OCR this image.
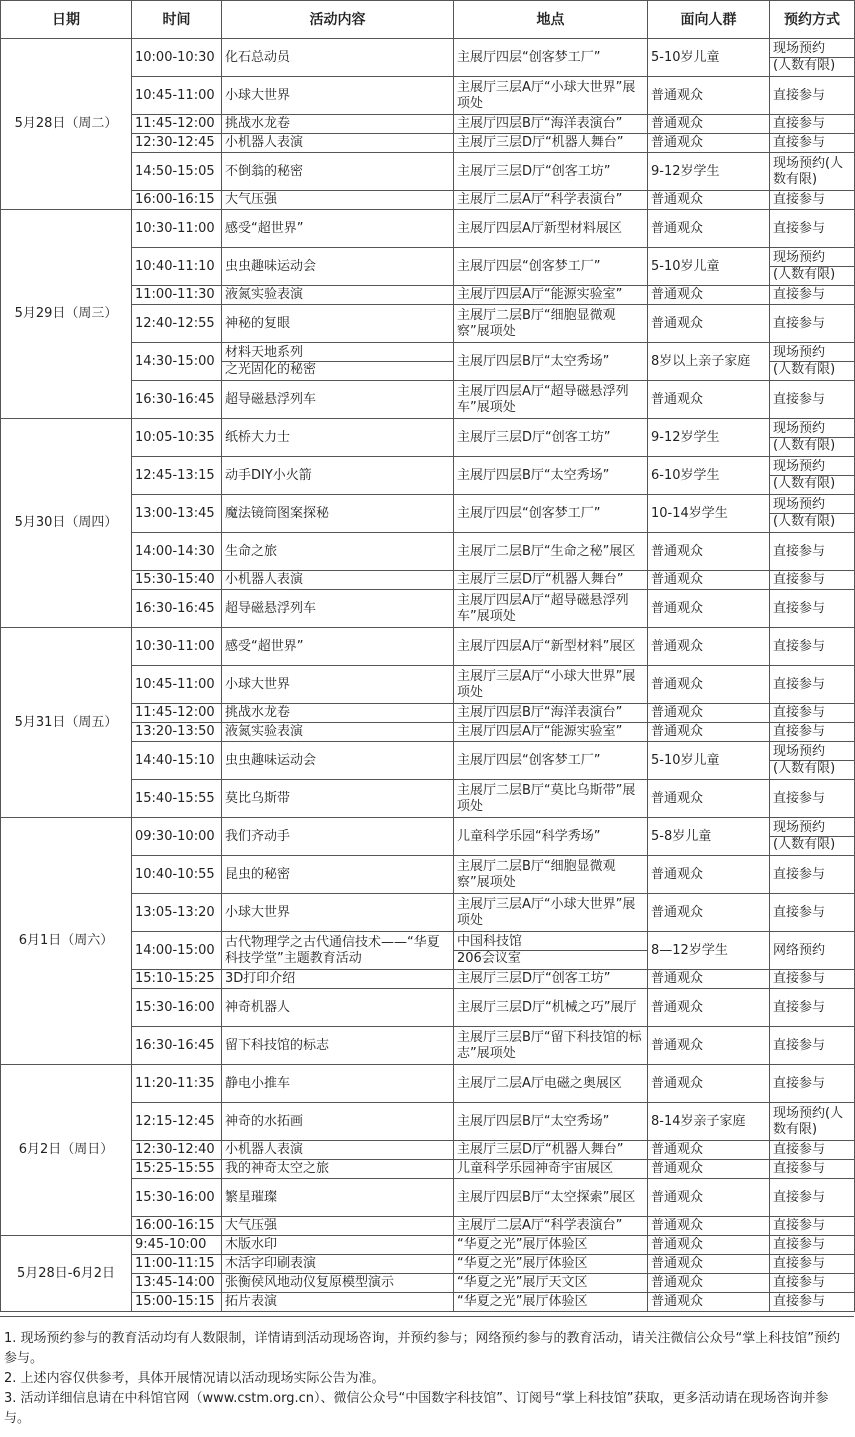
日期	时间	活动内容	地点	面向人群	预约方式
5月28日（周二）	10:00-10:30	化石总动员	主展厅四层“创客梦工厂”	5-10岁儿童	现场预约
(人数有限)

	10:45-11:00	小球大世界	主展厅三层A厅“小球大世界”展项处	普通观众	直接参与
	11:45-12:00	挑战水龙卷	主展厅四层B厅“海洋表演台”	普通观众	直接参与
	12:30-12:45	小机器人表演	主展厅三层D厅“机器人舞台”	普通观众	直接参与
	14:50-15:05	不倒翁的秘密	主展厅三层D厅“创客工坊”	9-12岁学生	现场预约(人数有限)
	16:00-16:15	大气压强	主展厅二层A厅“科学表演台”	普通观众	直接参与
5月29日（周三）	10:30-11:00	感受“超世界”	主展厅四层A厅新型材料展区	普通观众	直接参与
	10:40-11:10	虫虫趣味运动会	主展厅四层“创客梦工厂”	5-10岁儿童	现场预约
(人数有限)

	11:00-11:30	液氮实验表演	主展厅四层A厅“能源实验室”	普通观众	直接参与
	12:40-12:55	神秘的复眼	主展厅二层B厅“细胞显微观察”展项处	普通观众	直接参与
	14:30-15:00	材料天地系列
之光固化的秘密	主展厅四层B厅“太空秀场”	8岁以上亲子家庭	现场预约
(人数有限)

	16:30-16:45	超导磁悬浮列车	主展厅四层A厅“超导磁悬浮列车”展项处	普通观众	直接参与
5月30日（周四）	10:05-10:35	纸桥大力士	主展厅三层D厅“创客工坊”	9-12岁学生	现场预约
(人数有限)

	12:45-13:15	动手DIY小火箭	主展厅四层B厅“太空秀场”	6-10岁学生	现场预约
(人数有限)

	13:00-13:45	魔法镜筒图案探秘	主展厅四层“创客梦工厂”	10-14岁学生	现场预约
(人数有限)

	14:00-14:30	生命之旅	主展厅二层B厅“生命之秘”展区	普通观众	直接参与
	15:30-15:40	小机器人表演	主展厅三层D厅“机器人舞台”	普通观众	直接参与
	16:30-16:45	超导磁悬浮列车	主展厅四层A厅“超导磁悬浮列车”展项处	普通观众	直接参与
5月31日（周五）	10:30-11:00	感受“超世界”	主展厅四层A厅“新型材料”展区	普通观众	直接参与
	10:45-11:00	小球大世界	主展厅三层A厅“小球大世界”展项处	普通观众	直接参与
	11:45-12:00	挑战水龙卷	主展厅四层B厅“海洋表演台”	普通观众	直接参与
	13:20-13:50	液氮实验表演	主展厅四层A厅“能源实验室”	普通观众	直接参与
	14:40-15:10	虫虫趣味运动会	主展厅四层“创客梦工厂”	5-10岁儿童	现场预约
(人数有限)

	15:40-15:55	莫比乌斯带	主展厅二层B厅“莫比乌斯带”展项处	普通观众	直接参与
6月1日（周六）	09:30-10:00	我们齐动手	儿童科学乐园“科学秀场”	5-8岁儿童	现场预约
(人数有限)

	10:40-10:55	昆虫的秘密	主展厅二层B厅“细胞显微观察”展项处	普通观众	直接参与
	13:05-13:20	小球大世界	主展厅三层A厅“小球大世界”展项处	普通观众	直接参与
	14:00-15:00	古代物理学之古代通信技术——“华夏科技学堂”主题教育活动	中国科技馆
206会议室	8—12岁学生	网络预约
	15:10-15:25	3D打印介绍	主展厅三层D厅“创客工坊”	普通观众	直接参与
	15:30-16:00	神奇机器人	主展厅三层D厅“机械之巧”展厅	普通观众	直接参与
	16:30-16:45	留下科技馆的标志	主展厅三层B厅“留下科技馆的标志”展项处	普通观众	直接参与
6月2日（周日）	11:20-11:35	静电小推车	主展厅二层A厅电磁之奥展区	普通观众	直接参与
	12:15-12:45	神奇的水拓画	主展厅四层B厅“太空秀场”	8-14岁亲子家庭	现场预约(人数有限)
	12:30-12:40	小机器人表演	主展厅三层D厅“机器人舞台”	普通观众	直接参与
	15:25-15:55	我的神奇太空之旅	儿童科学乐园神奇宇宙展区	普通观众	直接参与
	15:30-16:00	繁星璀璨	主展厅四层B厅“太空探索”展区	普通观众	直接参与
	16:00-16:15	大气压强	主展厅二层A厅“科学表演台”	普通观众	直接参与
5月28日-6月2日	9:45-10:00	木版水印	“华夏之光”展厅体验区	普通观众	直接参与
	11:00-11:15	木活字印刷表演	“华夏之光”展厅体验区	普通观众	直接参与
	13:45-14:00	张衡侯风地动仪复原模型演示	“华夏之光”展厅天文区	普通观众	直接参与
	15:00-15:15	拓片表演	“华夏之光”展厅体验区	普通观众	直接参与
1. 现场预约参与的教育活动均有人数限制，详情请到活动现场咨询，并预约参与；网络预约参与的教育活动，请关注微信公众号“掌上科技馆”预约参与。
2. 上述内容仅供参考，具体开展情况请以活动现场实际公告为准。
3. 活动详细信息请在中科馆官网（www.cstm.org.cn）、微信公众号“中国数字科技馆”、订阅号“掌上科技馆”获取，更多活动请在现场咨询并参与。
